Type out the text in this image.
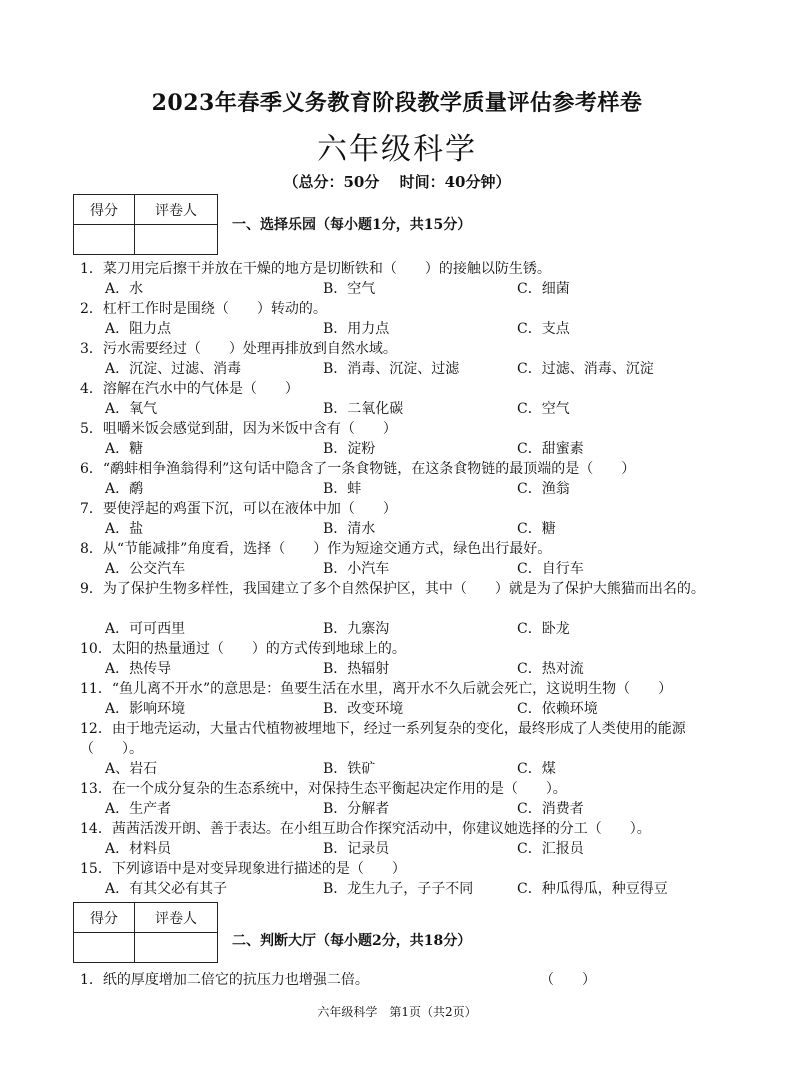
2023年春季义务教育阶段教学质量评估参考样卷
六年级科学
（总分：50分　 时间：40分钟）
得分	评卷人

一、选择乐园（每小题1分，共15分）
1．菜刀用完后擦干并放在干燥的地方是切断铁和（　　）的接触以防生锈。
A．水	B．空气	C．细菌
2．杠杆工作时是围绕（　　）转动的。
A．阻力点	B．用力点	C．支点
3．污水需要经过（　　）处理再排放到自然水域。
A．沉淀、过滤、消毒	B．消毒、沉淀、过滤	C．过滤、消毒、沉淀
4．溶解在汽水中的气体是（　　）
A．氧气	B．二氧化碳	C．空气
5．咀嚼米饭会感觉到甜，因为米饭中含有（　　）
A．糖	B．淀粉	C．甜蜜素
6．“鹬蚌相争渔翁得利”这句话中隐含了一条食物链，在这条食物链的最顶端的是（　　）
A．鹬	B．蚌	C．渔翁
7．要使浮起的鸡蛋下沉，可以在液体中加（　　）
A．盐	B．清水	C．糖
8．从“节能减排”角度看，选择（　　）作为短途交通方式，绿色出行最好。
A．公交汽车	B．小汽车	C．自行车
9．为了保护生物多样性，我国建立了多个自然保护区，其中（　　）就是为了保护大熊猫而出名的。
A．可可西里	B．九寨沟	C．卧龙
10．太阳的热量通过（　　）的方式传到地球上的。
A．热传导	B．热辐射	C．热对流
11．“鱼儿离不开水”的意思是：鱼要生活在水里，离开水不久后就会死亡，这说明生物（　　）
A．影响环境	B．改变环境	C．依赖环境
12．由于地壳运动，大量古代植物被埋地下，经过一系列复杂的变化，最终形成了人类使用的能源（　　）。
A、岩石	B．铁矿	C．煤
13．在一个成分复杂的生态系统中，对保持生态平衡起决定作用的是（　　）。
A．生产者	B．分解者	C．消费者
14．茜茜活泼开朗、善于表达。在小组互助合作探究活动中，你建议她选择的分工（　　）。
A．材料员	B．记录员	C．汇报员
15．下列谚语中是对变异现象进行描述的是（　　）
A．有其父必有其子	B．龙生九子，子子不同	C．种瓜得瓜，种豆得豆
得分	评卷人

二、判断大厅（每小题2分，共18分）
1．纸的厚度增加二倍它的抗压力也增强二倍。	（　　）
六年级科学　第1页（共2页）
